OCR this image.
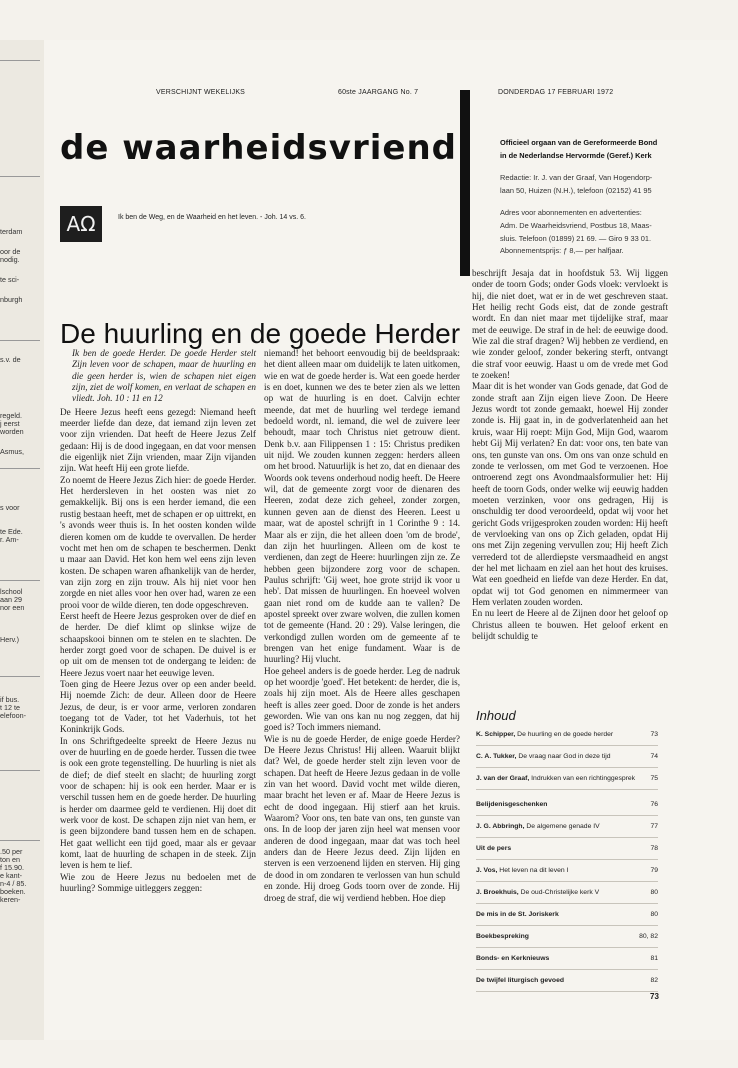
terdam
oor de
nodig.
te sci-
nburgh
s.v. de
regeld.
j eerst
worden
Asmus,
s voor
te Ede.
r. Am-
lschool
aan 29
nor een
Herv.)
if bus.
t 12 te
elefoon-
.50 per
ton en
f 15.90.
e kant-
n-4 / 85.
boeken.
keren-
VERSCHIJNT WEKELIJKS	60ste JAARGANG No. 7	DONDERDAG 17 FEBRUARI 1972
de waarheidsvriend
AΩ	Ik ben de Weg, en de Waarheid en het leven. - Joh. 14 vs. 6.
Officieel orgaan van de Gereformeerde Bond
in de Nederlandse Hervormde (Geref.) Kerk
Redactie: Ir. J. van der Graaf, Van Hogendorp-
laan 50, Huizen (N.H.), telefoon (02152) 41 95
Adres voor abonnementen en advertenties:
Adm. De Waarheidsvriend, Postbus 18, Maas-
sluis. Telefoon (01899) 21 69. — Giro 9 33 01.
Abonnementsprijs: ƒ 8,— per halfjaar.
De huurling en de goede Herder

Ik ben de goede Herder. De goede Herder stelt Zijn leven voor de schapen, maar de huurling en die geen herder is, wien de schapen niet eigen zijn, ziet de wolf komen, en verlaat de schapen en vliedt. Joh. 10 : 11 en 12

De Heere Jezus heeft eens gezegd: Niemand heeft meerder liefde dan deze, dat iemand zijn leven zet voor zijn vrienden. Dat heeft de Heere Jezus Zelf gedaan: Hij is de dood ingegaan, en dat voor mensen die eigenlijk niet Zijn vrienden, maar Zijn vijanden zijn. Wat heeft Hij een grote liefde.

Zo noemt de Heere Jezus Zich hier: de goede Herder. Het herdersleven in het oosten was niet zo gemakkelijk. Bij ons is een herder iemand, die een rustig bestaan heeft, met de schapen er op uittrekt, en 's avonds weer thuis is. In het oosten konden wilde dieren komen om de kudde te overvallen. De herder vocht met hen om de schapen te beschermen. Denkt u maar aan David. Het kon hem wel eens zijn leven kosten. De schapen waren afhankelijk van de herder, van zijn zorg en zijn trouw. Als hij niet voor hen zorgde en niet alles voor hen over had, waren ze een prooi voor de wilde dieren, ten dode opgeschreven.

Eerst heeft de Heere Jezus gesproken over de dief en de herder. De dief klimt op slinkse wijze de schaapskooi binnen om te stelen en te slachten. De herder zorgt goed voor de schapen. De duivel is er op uit om de mensen tot de ondergang te leiden: de Heere Jezus voert naar het eeuwige leven.

Toen ging de Heere Jezus over op een ander beeld. Hij noemde Zich: de deur. Alleen door de Heere Jezus, de deur, is er voor arme, verloren zondaren toegang tot de Vader, tot het Vaderhuis, tot het Koninkrijk Gods.

In ons Schriftgedeelte spreekt de Heere Jezus nu over de huurling en de goede herder. Tussen die twee is ook een grote tegenstelling. De huurling is niet als de dief; de dief steelt en slacht; de huurling zorgt voor de schapen: hij is ook een herder. Maar er is verschil tussen hem en de goede herder. De huurling is herder om daarmee geld te verdienen. Hij doet dit werk voor de kost. De schapen zijn niet van hem, er is geen bijzondere band tussen hem en de schapen. Het gaat wellicht een tijd goed, maar als er gevaar komt, laat de huurling de schapen in de steek. Zijn leven is hem te lief.

Wie zou de Heere Jezus nu bedoelen met de huurling? Sommige uitleggers zeggen:

niemand! het behoort eenvoudig bij de beeldspraak: het dient alleen maar om duidelijk te laten uitkomen, wie en wat de goede herder is. Wat een goede herder is en doet, kunnen we des te beter zien als we letten op wat de huurling is en doet. Calvijn echter meende, dat met de huurling wel terdege iemand bedoeld wordt, nl. iemand, die wel de zuivere leer behoudt, maar toch Christus niet getrouw dient. Denk b.v. aan Filippensen 1 : 15: Christus prediken uit nijd. We zouden kunnen zeggen: herders alleen om het brood. Natuurlijk is het zo, dat en dienaar des Woords ook tevens onderhoud nodig heeft. De Heere wil, dat de gemeente zorgt voor de dienaren des Heeren, zodat deze zich geheel, zonder zorgen, kunnen geven aan de dienst des Heeren. Leest u maar, wat de apostel schrijft in 1 Corinthe 9 : 14. Maar als er zijn, die het alleen doen 'om de brode', dan zijn het huurlingen. Alleen om de kost te verdienen, dan zegt de Heere: huurlingen zijn ze. Ze hebben geen bijzondere zorg voor de schapen. Paulus schrijft: 'Gij weet, hoe grote strijd ik voor u heb'. Dat missen de huurlingen. En hoeveel wolven gaan niet rond om de kudde aan te vallen? De apostel spreekt over zware wolven, die zullen komen tot de gemeente (Hand. 20 : 29). Valse leringen, die verkondigd zullen worden om de gemeente af te brengen van het enige fundament. Waar is de huurling? Hij vlucht.

Hoe geheel anders is de goede herder. Leg de nadruk op het woordje 'goed'. Het betekent: de herder, die is, zoals hij zijn moet. Als de Heere alles geschapen heeft is alles zeer goed. Door de zonde is het anders geworden. Wie van ons kan nu nog zeggen, dat hij goed is? Toch immers niemand.

Wie is nu de goede Herder, de enige goede Herder? De Heere Jezus Christus! Hij alleen. Waaruit blijkt dat? Wel, de goede herder stelt zijn leven voor de schapen. Dat heeft de Heere Jezus gedaan in de volle zin van het woord. David vocht met wilde dieren, maar bracht het leven er af. Maar de Heere Jezus is echt de dood ingegaan. Hij stierf aan het kruis. Waarom? Voor ons, ten bate van ons, ten gunste van ons. In de loop der jaren zijn heel wat mensen voor anderen de dood ingegaan, maar dat was toch heel anders dan de Heere Jezus deed. Zijn lijden en sterven is een verzoenend lijden en sterven. Hij ging de dood in om zondaren te verlossen van hun schuld en zonde. Hij droeg Gods toorn over de zonde. Hij droeg de straf, die wij verdiend hebben. Hoe diep

beschrijft Jesaja dat in hoofdstuk 53. Wij liggen onder de toorn Gods; onder Gods vloek: vervloekt is hij, die niet doet, wat er in de wet geschreven staat. Het heilig recht Gods eist, dat de zonde gestraft wordt. En dan niet maar met tijdelijke straf, maar met de eeuwige. De straf in de hel: de eeuwige dood. Wie zal die straf dragen? Wij hebben ze verdiend, en wie zonder geloof, zonder bekering sterft, ontvangt die straf voor eeuwig. Haast u om de vrede met God te zoeken!

Maar dit is het wonder van Gods genade, dat God de zonde straft aan Zijn eigen lieve Zoon. De Heere Jezus wordt tot zonde gemaakt, hoewel Hij zonder zonde is. Hij gaat in, in de godverlatenheid aan het kruis, waar Hij roept: Mijn God, Mijn God, waarom hebt Gij Mij verlaten? En dat: voor ons, ten bate van ons, ten gunste van ons. Om ons van onze schuld en zonde te verlossen, om met God te verzoenen. Hoe ontroerend zegt ons Avondmaalsformulier het: Hij heeft de toorn Gods, onder welke wij eeuwig hadden moeten verzinken, voor ons gedragen, Hij is onschuldig ter dood veroordeeld, opdat wij voor het gericht Gods vrijgesproken zouden worden: Hij heeft de vervloeking van ons op Zich geladen, opdat Hij ons met Zijn zegening vervullen zou; Hij heeft Zich verrederd tot de allerdiepste versmaadheid en angst der hel met lichaam en ziel aan het hout des kruises. Wat een goedheid en liefde van deze Herder. En dat, opdat wij tot God genomen en nimmermeer van Hem verlaten zouden worden.

En nu leert de Heere al de Zijnen door het geloof op Christus alleen te bouwen. Het geloof erkent en belijdt schuldig te

Inhoud
K. Schipper, De huurling en de goede herder	73
C. A. Tukker, De vraag naar God in deze tijd	74
J. van der Graaf, Indrukken van een richtinggesprek 75
Belijdenisgeschenken	76
J. G. Abbringh, De algemene genade IV	77
Uit de pers	78
J. Vos, Het leven na dit leven I	79
J. Broekhuis, De oud-Christelijke kerk V	80
De mis in de St. Joriskerk	80
Boekbespreking	80, 82
Bonds- en Kerknieuws	81
De twijfel liturgisch gevoed	82
73
